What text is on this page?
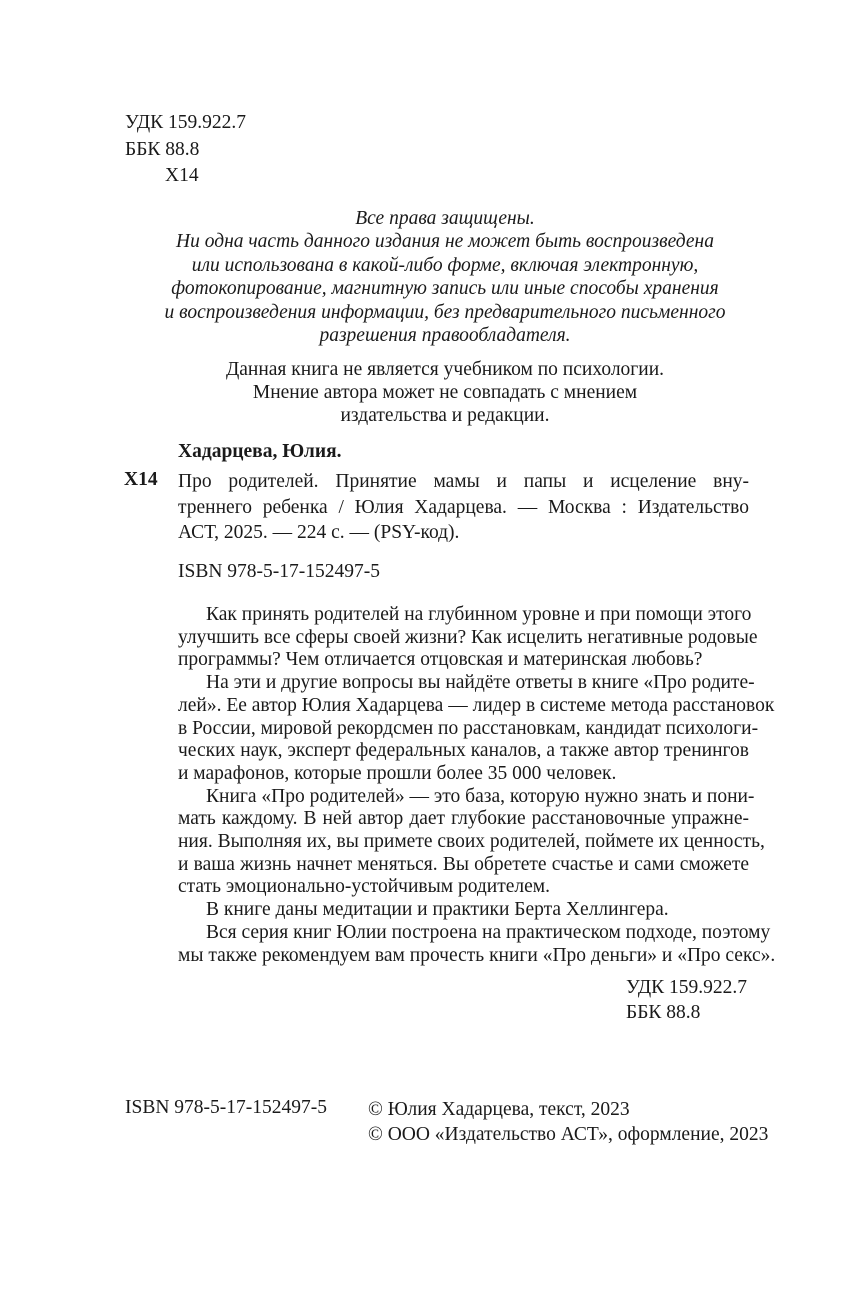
УДК 159.922.7
ББК 88.8
Х14
Все права защищены.
Ни одна часть данного издания не может быть воспроизведена
или использована в какой-либо форме, включая электронную,
фотокопирование, магнитную запись или иные способы хранения
и воспроизведения информации, без предварительного письменного
разрешения правообладателя.
Данная книга не является учебником по психологии.
Мнение автора может не совпадать с мнением
издательства и редакции.
Хадарцева, Юлия.
Х14 Про родителей. Принятие мамы и папы и исцеление вну-
треннего ребенка / Юлия Хадарцева. — Москва : Издательство
АСТ, 2025. — 224 с. — (PSY-код).
ISBN 978-5-17-152497-5
Как принять родителей на глубинном уровне и при помощи этого
улучшить все сферы своей жизни? Как исцелить негативные родовые
программы? Чем отличается отцовская и материнская любовь?
На эти и другие вопросы вы найдёте ответы в книге «Про родите-
лей». Ее автор Юлия Хадарцева — лидер в системе метода расстановок
в России, мировой рекордсмен по расстановкам, кандидат психологи-
ческих наук, эксперт федеральных каналов, а также автор тренингов
и марафонов, которые прошли более 35 000 человек.
Книга «Про родителей» — это база, которую нужно знать и пони-
мать каждому. В ней автор дает глубокие расстановочные упражне-
ния. Выполняя их, вы примете своих родителей, поймете их ценность,
и ваша жизнь начнет меняться. Вы обретете счастье и сами сможете
стать эмоционально-устойчивым родителем.
В книге даны медитации и практики Берта Хеллингера.
Вся серия книг Юлии построена на практическом подходе, поэтому
мы также рекомендуем вам прочесть книги «Про деньги» и «Про секс».
УДК 159.922.7
ББК 88.8
ISBN 978-5-17-152497-5 © Юлия Хадарцева, текст, 2023
© ООО «Издательство АСТ», оформление, 2023
